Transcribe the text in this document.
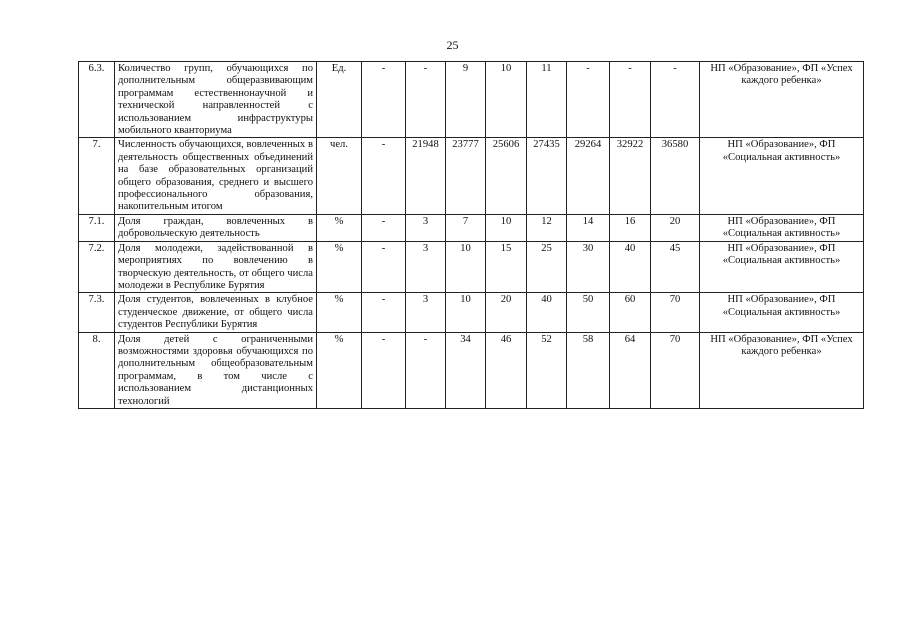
25
6.3.	Количество групп, обучающихся по дополнительным общеразвивающим программам естественнонаучной и технической направленностей с использованием инфраструктуры мобильного кванториума	Ед.	-	-	9	10	11	-	-	-	НП «Образование», ФП «Успех каждого ребенка»
7.	Численность обучающихся, вовлеченных в деятельность общественных объединений на базе образовательных организаций общего образования, среднего и высшего профессионального образования, накопительным итогом	чел.	-	21948	23777	25606	27435	29264	32922	36580	НП «Образование», ФП «Социальная активность»
7.1.	Доля граждан, вовлеченных в добровольческую деятельность	%	-	3	7	10	12	14	16	20	НП «Образование», ФП «Социальная активность»
7.2.	Доля молодежи, задействованной в мероприятиях по вовлечению в творческую деятельность, от общего числа молодежи в Республике Бурятия	%	-	3	10	15	25	30	40	45	НП «Образование», ФП «Социальная активность»
7.3.	Доля студентов, вовлеченных в клубное студенческое движение, от общего числа студентов Республики Бурятия	%	-	3	10	20	40	50	60	70	НП «Образование», ФП «Социальная активность»
8.	Доля детей с ограниченными возможностями здоровья обучающихся по дополнительным общеобразовательным программам, в том числе с использованием дистанционных технологий	%	-	-	34	46	52	58	64	70	НП «Образование», ФП «Успех каждого ребенка»
